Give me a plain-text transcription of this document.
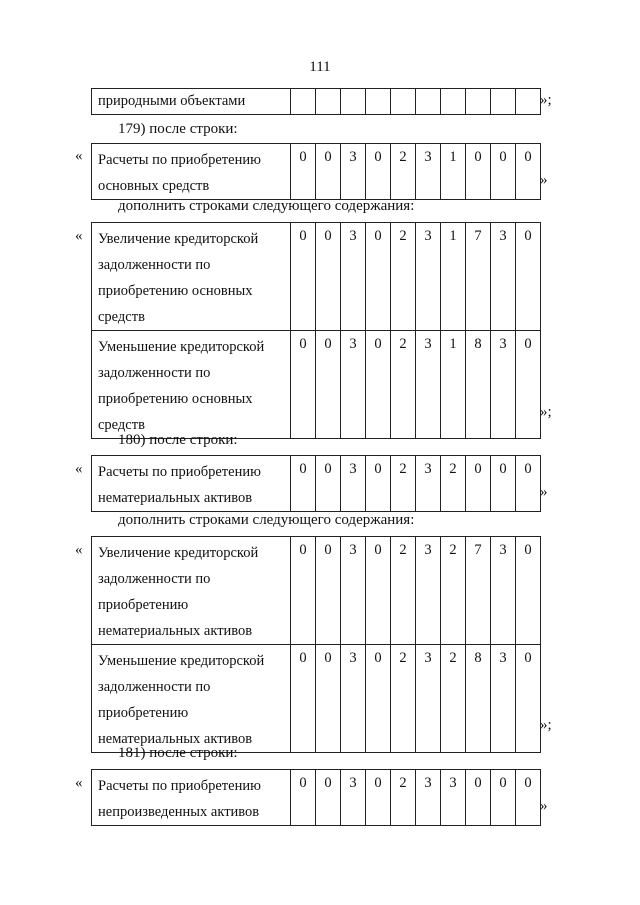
111
природными объектами											»;
179) после строки:
« Расчеты по приобретению
основных средств
	0	0	3	0	2	3	1	0	0	0
»
дополнить строками следующего содержания:
« Увеличение кредиторской
задолженности по
приобретению основных
средств	0	0	3	0	2	3	1	7	3	0

Уменьшение кредиторской
задолженности по
приобретению основных
средств	0	0	3	0	2	3	1	8	3	0
»;
180) после строки:
« Расчеты по приобретению
нематериальных активов
	0	0	3	0	2	3	2	0	0	0
»
дополнить строками следующего содержания:
« Увеличение кредиторской
задолженности по
приобретению
нематериальных активов	0	0	3	0	2	3	2	7	3	0

Уменьшение кредиторской
задолженности по
приобретению
нематериальных активов	0	0	3	0	2	3	2	8	3	0
»;
181) после строки:
« Расчеты по приобретению
непроизведенных активов
	0	0	3	0	2	3	3	0	0	0
»
